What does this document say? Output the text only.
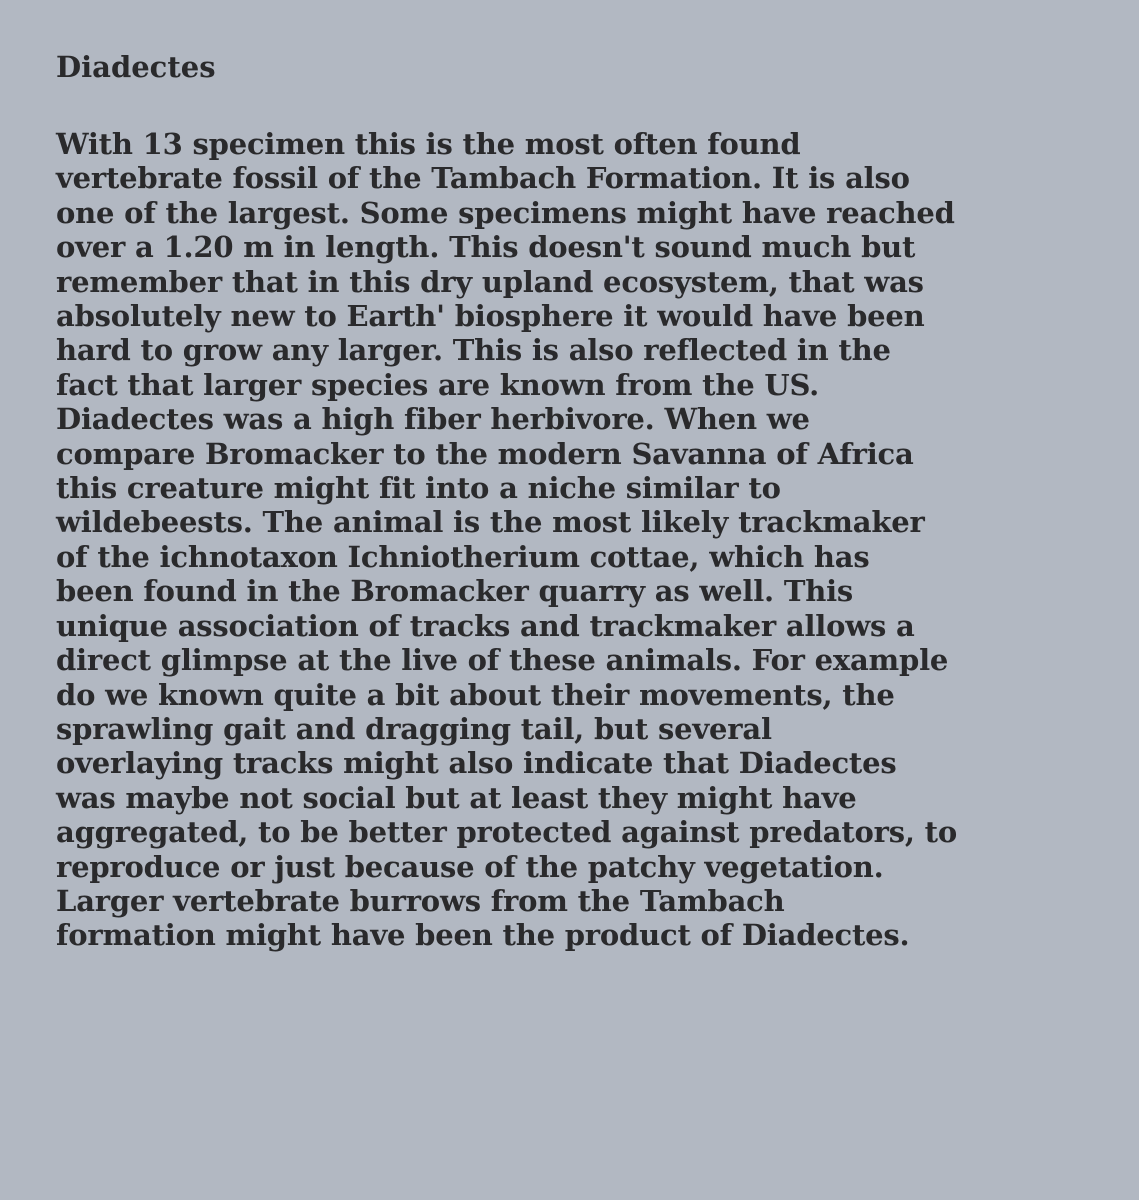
Diadectes

With 13 specimen this is the most often found
vertebrate fossil of the Tambach Formation. It is also
one of the largest. Some specimens might have reached
over a 1.20 m in length. This doesn't sound much but
remember that in this dry upland ecosystem, that was
absolutely new to Earth' biosphere it would have been
hard to grow any larger. This is also reflected in the
fact that larger species are known from the US.
Diadectes was a high fiber herbivore. When we
compare Bromacker to the modern Savanna of Africa
this creature might fit into a niche similar to
wildebeests. The animal is the most likely trackmaker
of the ichnotaxon Ichniotherium cottae, which has
been found in the Bromacker quarry as well. This
unique association of tracks and trackmaker allows a
direct glimpse at the live of these animals. For example
do we known quite a bit about their movements, the
sprawling gait and dragging tail, but several
overlaying tracks might also indicate that Diadectes
was maybe not social but at least they might have
aggregated, to be better protected against predators, to
reproduce or just because of the patchy vegetation.
Larger vertebrate burrows from the Tambach
formation might have been the product of Diadectes.
